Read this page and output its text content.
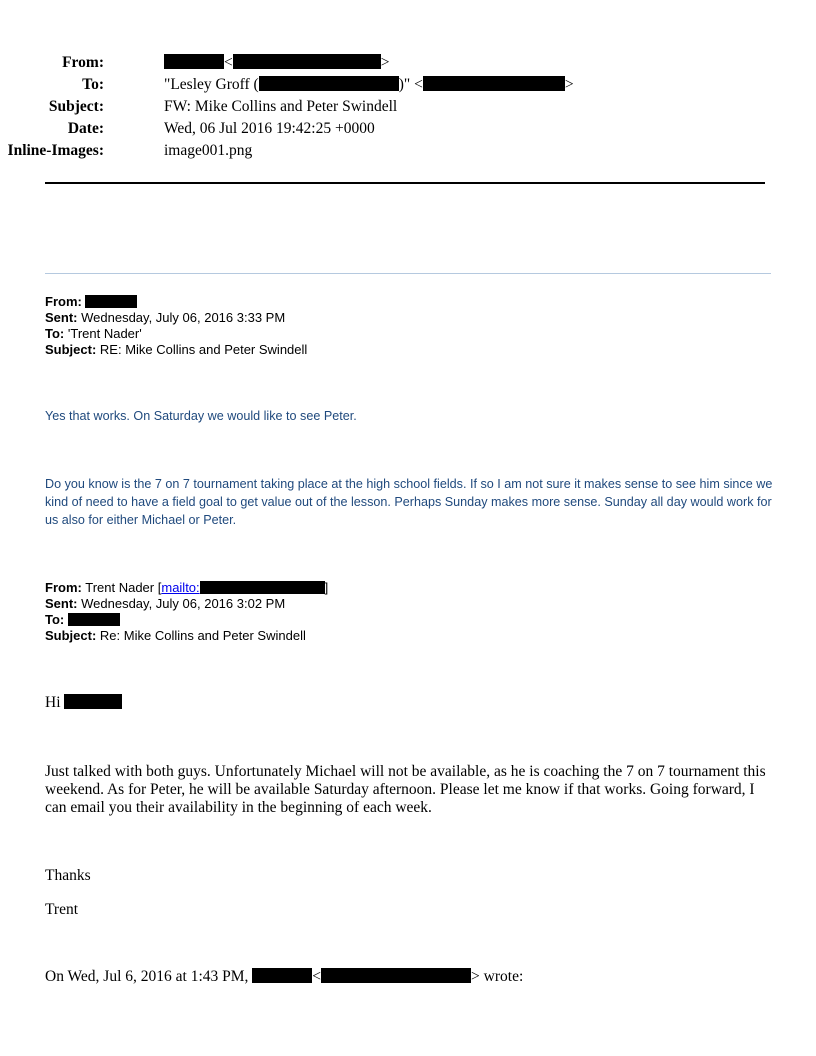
From:	<	>
To:	"Lesley Groff (	)" <	>
Subject:	FW: Mike Collins and Peter Swindell
Date:	Wed, 06 Jul 2016 19:42:25 +0000
Inline-Images:	image001.png
From:
Sent: Wednesday, July 06, 2016 3:33 PM
To: 'Trent Nader'
Subject: RE: Mike Collins and Peter Swindell
Yes that works. On Saturday we would like to see Peter.
Do you know is the 7 on 7 tournament taking place at the high school fields. If so I am not sure it makes sense to see him since we kind of need to have a field goal to get value out of the lesson. Perhaps Sunday makes more sense. Sunday all day would work for us also for either Michael or Peter.
From: Trent Nader [mailto:	]
Sent: Wednesday, July 06, 2016 3:02 PM
To:
Subject: Re: Mike Collins and Peter Swindell
Hi
Just talked with both guys. Unfortunately Michael will not be available, as he is coaching the 7 on 7 tournament this weekend. As for Peter, he will be available Saturday afternoon. Please let me know if that works. Going forward, I can email you their availability in the beginning of each week.
Thanks
Trent
On Wed, Jul 6, 2016 at 1:43 PM,	<	> wrote:
